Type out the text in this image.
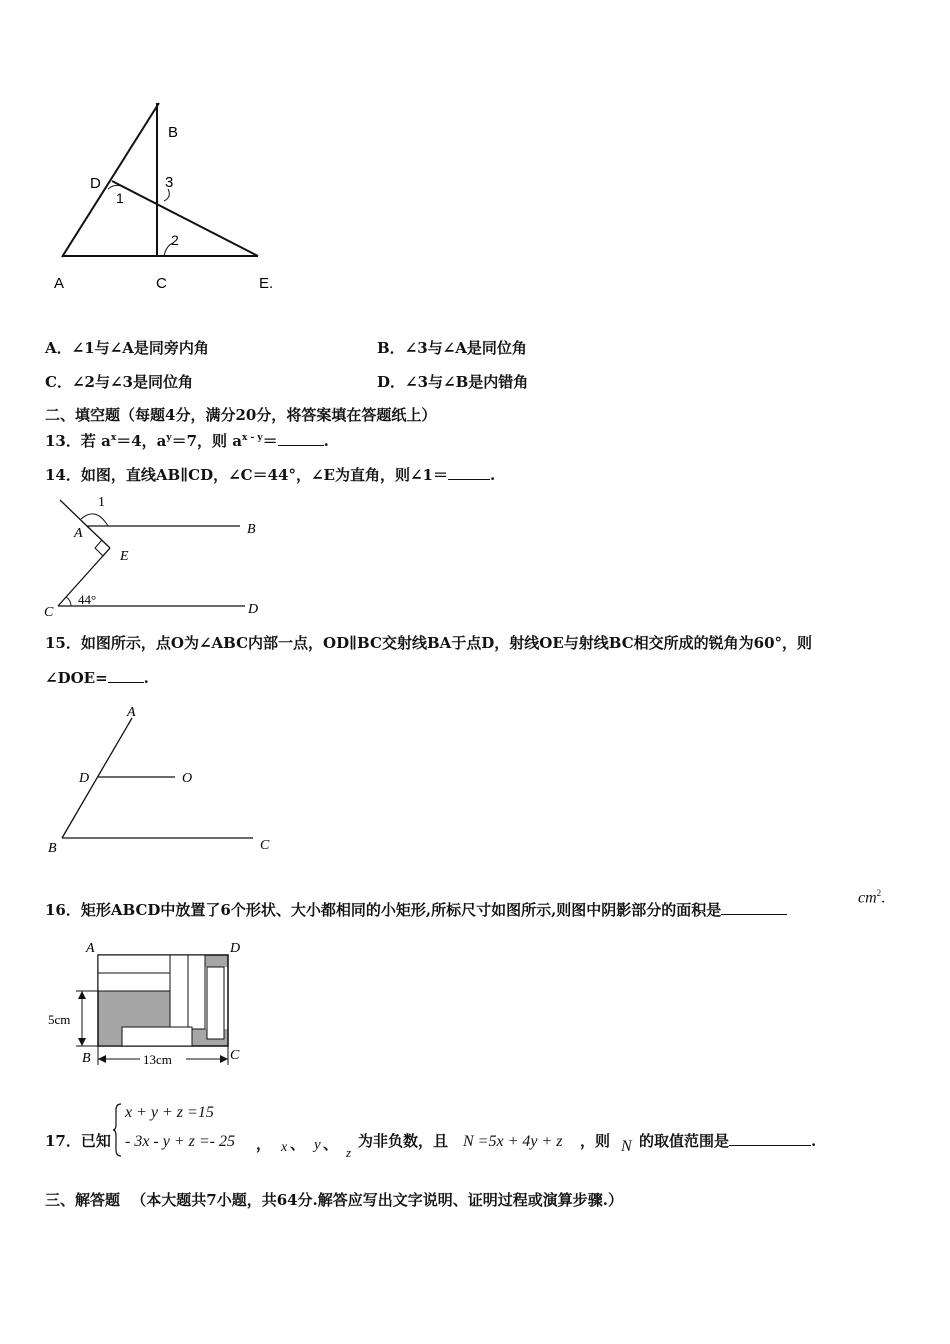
B
D
1
3
2
A	C	E.
A．∠1与∠A是同旁内角	B．∠3与∠A是同位角
C．∠2与∠3是同位角	D．∠3与∠B是内错角
二、填空题（每题4分，满分20分，将答案填在答题纸上）
13．若 $a^x=4$，$a^y=7$，则 $a^{x - y}=$	.
14．如图，直线AB∥CD，∠C＝44°，∠E为直角，则∠1＝	.
1
A	B
E
C	D
44°
15．如图所示，点O为∠ABC内部一点，OD∥BC交射线BA于点D，射线OE与射线BC相交所成的锐角为60°，则
∠DOE= .
A
D	O
B	C
16．矩形ABCD中放置了6个形状、大小都相同的小矩形,所标尺寸如图所示,则图中阴影部分的面积是
$cm^2$.
A	D
B	C
5cm
13cm
17．已知
x + y + z =15
- 3x - y + z =- 25 ， x 、 y 、 z
为非负数，且 N =5x + 4y + z ，则 N 的取值范围是	.
三、解答题 （本大题共7小题，共64分.解答应写出文字说明、证明过程或演算步骤.）
